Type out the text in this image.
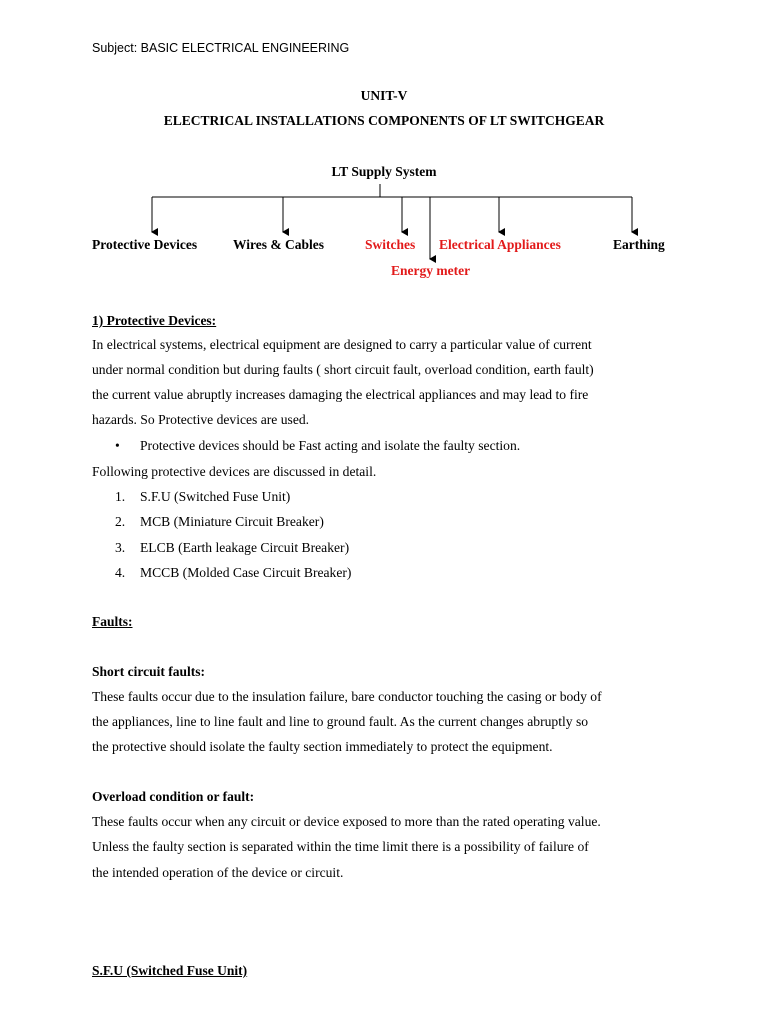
Subject: BASIC ELECTRICAL ENGINEERING
UNIT-V
ELECTRICAL INSTALLATIONS COMPONENTS OF LT SWITCHGEAR
LT Supply System
Protective Devices	Wires & Cables	Switches Electrical Appliances	Earthing
Energy meter
1) Protective Devices:
In electrical systems, electrical equipment are designed to carry a particular value of current
under normal condition but during faults ( short circuit fault, overload condition, earth fault)
the current value abruptly increases damaging the electrical appliances and may lead to fire
hazards. So Protective devices are used.
• Protective devices should be Fast acting and isolate the faulty section.
Following protective devices are discussed in detail.
1. S.F.U (Switched Fuse Unit)
2. MCB (Miniature Circuit Breaker)
3. ELCB (Earth leakage Circuit Breaker)
4. MCCB (Molded Case Circuit Breaker)
Faults:
Short circuit faults:
These faults occur due to the insulation failure, bare conductor touching the casing or body of
the appliances, line to line fault and line to ground fault. As the current changes abruptly so
the protective should isolate the faulty section immediately to protect the equipment.
Overload condition or fault:
These faults occur when any circuit or device exposed to more than the rated operating value.
Unless the faulty section is separated within the time limit there is a possibility of failure of
the intended operation of the device or circuit.
S.F.U (Switched Fuse Unit)
